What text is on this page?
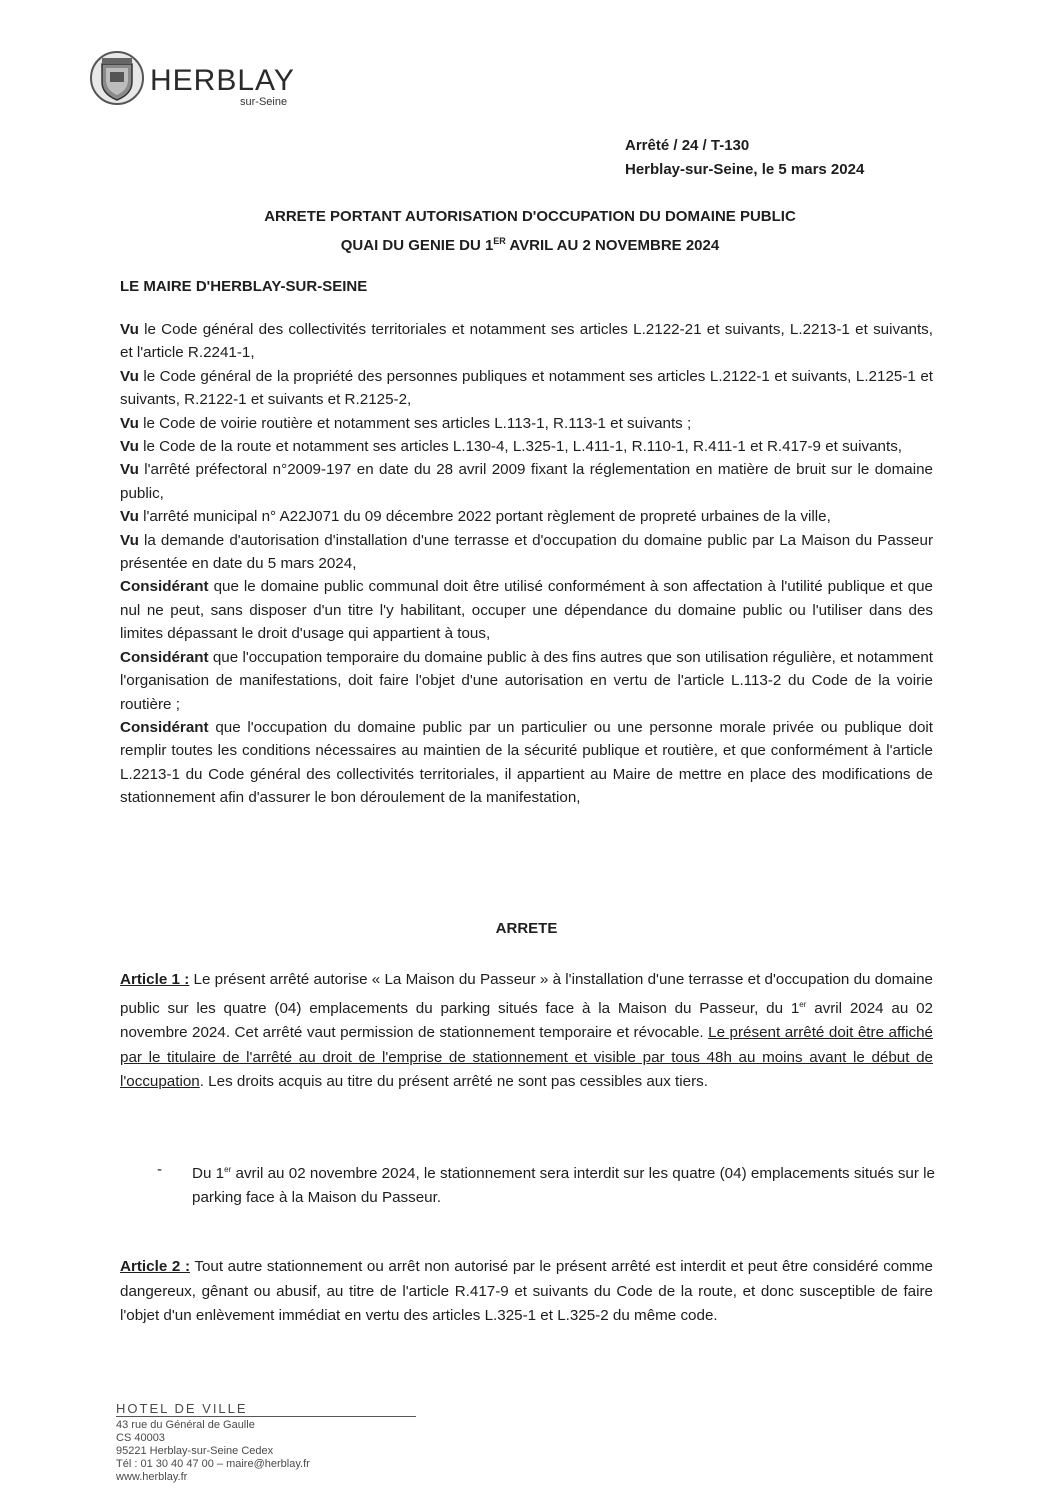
HERBLAY
sur-Seine
Arrêté / 24 / T-130
Herblay-sur-Seine, le 5 mars 2024
ARRETE PORTANT AUTORISATION D'OCCUPATION DU DOMAINE PUBLIC
QUAI DU GENIE DU 1ER AVRIL AU 2 NOVEMBRE 2024
LE MAIRE D'HERBLAY-SUR-SEINE

Vu le Code général des collectivités territoriales et notamment ses articles L.2122-21 et suivants, L.2213-1 et suivants, et l'article R.2241-1,

Vu le Code général de la propriété des personnes publiques et notamment ses articles L.2122-1 et suivants, L.2125-1 et suivants, R.2122-1 et suivants et R.2125-2,

Vu le Code de voirie routière et notamment ses articles L.113-1, R.113-1 et suivants ;

Vu le Code de la route et notamment ses articles L.130-4, L.325-1, L.411-1, R.110-1, R.411-1 et R.417-9 et suivants,

Vu l'arrêté préfectoral n°2009-197 en date du 28 avril 2009 fixant la réglementation en matière de bruit sur le domaine public,

Vu l'arrêté municipal n° A22J071 du 09 décembre 2022 portant règlement de propreté urbaines de la ville,

Vu la demande d'autorisation d'installation d'une terrasse et d'occupation du domaine public par La Maison du Passeur présentée en date du 5 mars 2024,

Considérant que le domaine public communal doit être utilisé conformément à son affectation à l'utilité publique et que nul ne peut, sans disposer d'un titre l'y habilitant, occuper une dépendance du domaine public ou l'utiliser dans des limites dépassant le droit d'usage qui appartient à tous,

Considérant que l'occupation temporaire du domaine public à des fins autres que son utilisation régulière, et notamment l'organisation de manifestations, doit faire l'objet d'une autorisation en vertu de l'article L.113-2 du Code de la voirie routière ;

Considérant que l'occupation du domaine public par un particulier ou une personne morale privée ou publique doit remplir toutes les conditions nécessaires au maintien de la sécurité publique et routière, et que conformément à l'article L.2213-1 du Code général des collectivités territoriales, il appartient au Maire de mettre en place des modifications de stationnement afin d'assurer le bon déroulement de la manifestation,

ARRETE
Article 1 : Le présent arrêté autorise « La Maison du Passeur » à l'installation d'une terrasse et d'occupation du domaine public sur les quatre (04) emplacements du parking situés face à la Maison du Passeur, du 1er avril 2024 au 02 novembre 2024. Cet arrêté vaut permission de stationnement temporaire et révocable. Le présent arrêté doit être affiché par le titulaire de l'arrêté au droit de l'emprise de stationnement et visible par tous 48h au moins avant le début de l'occupation. Les droits acquis au titre du présent arrêté ne sont pas cessibles aux tiers.
-	Du 1er avril au 02 novembre 2024, le stationnement sera interdit sur les quatre (04) emplacements situés sur le parking face à la Maison du Passeur.
Article 2 : Tout autre stationnement ou arrêt non autorisé par le présent arrêté est interdit et peut être considéré comme dangereux, gênant ou abusif, au titre de l'article R.417-9 et suivants du Code de la route, et donc susceptible de faire l'objet d'un enlèvement immédiat en vertu des articles L.325-1 et L.325-2 du même code.
HOTEL DE VILLE
43 rue du Général de Gaulle
CS 40003
95221 Herblay-sur-Seine Cedex
Tél : 01 30 40 47 00 – maire@herblay.fr
www.herblay.fr
